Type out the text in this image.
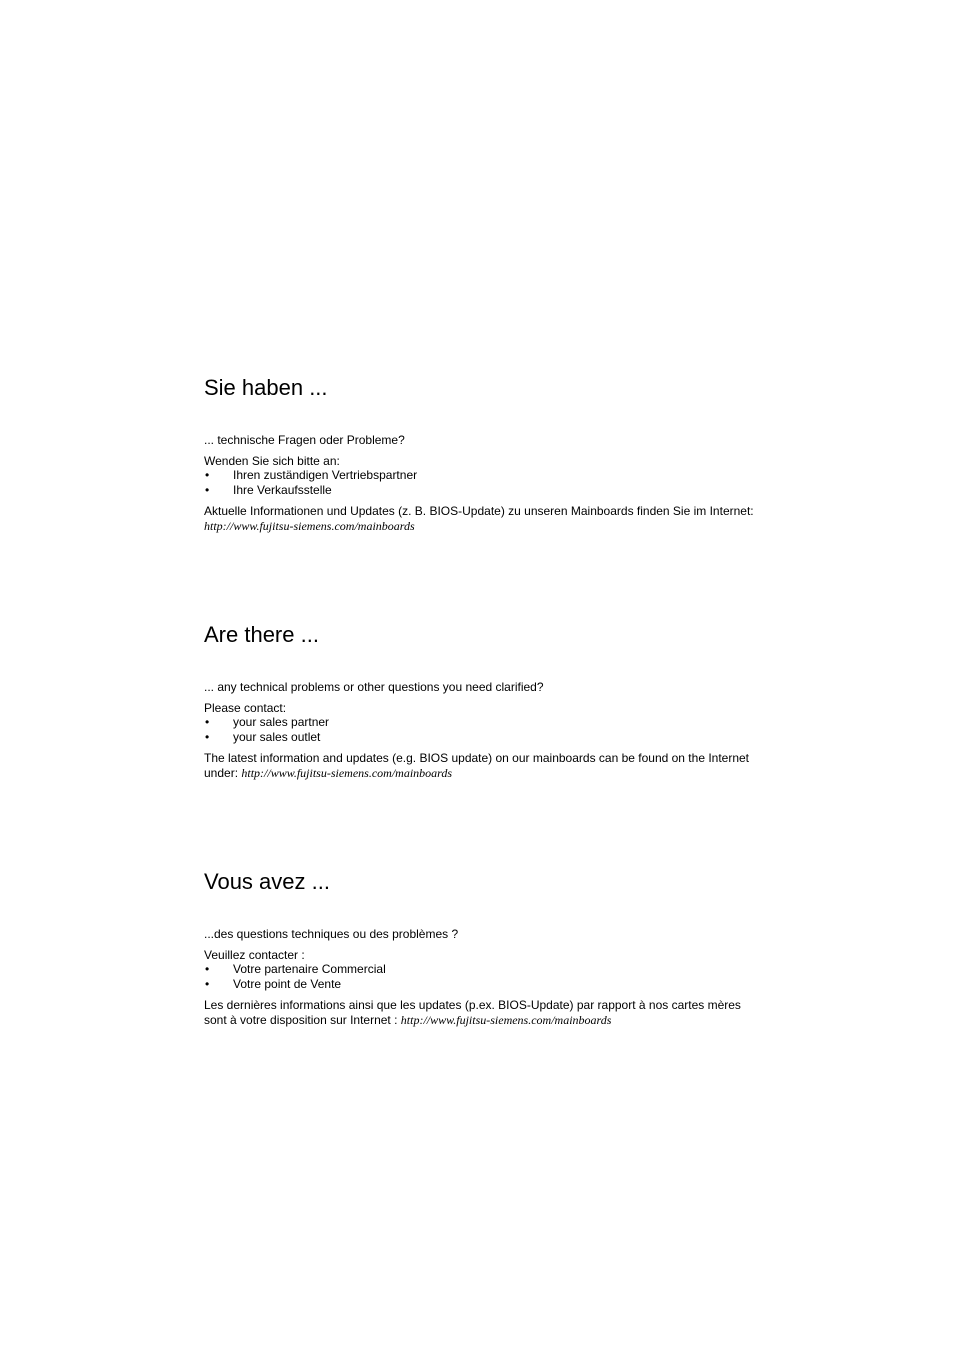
Sie haben ...

... technische Fragen oder Probleme?

Wenden Sie sich bitte an:

• Ihren zuständigen Vertriebspartner
• Ihre Verkaufsstelle

Aktuelle Informationen und Updates (z. B. BIOS-Update) zu unseren Mainboards finden Sie im Internet: http://www.fujitsu-siemens.com/mainboards

Are there ...

... any technical problems or other questions you need clarified?

Please contact:

• your sales partner
• your sales outlet

The latest information and updates (e.g. BIOS update) on our mainboards can be found on the Internet under: http://www.fujitsu-siemens.com/mainboards

Vous avez ...

...des questions techniques ou des problèmes ?

Veuillez contacter :

• Votre partenaire Commercial
• Votre point de Vente

Les dernières informations ainsi que les updates (p.ex. BIOS-Update) par rapport à nos cartes mères sont à votre disposition sur Internet : http://www.fujitsu-siemens.com/mainboards
